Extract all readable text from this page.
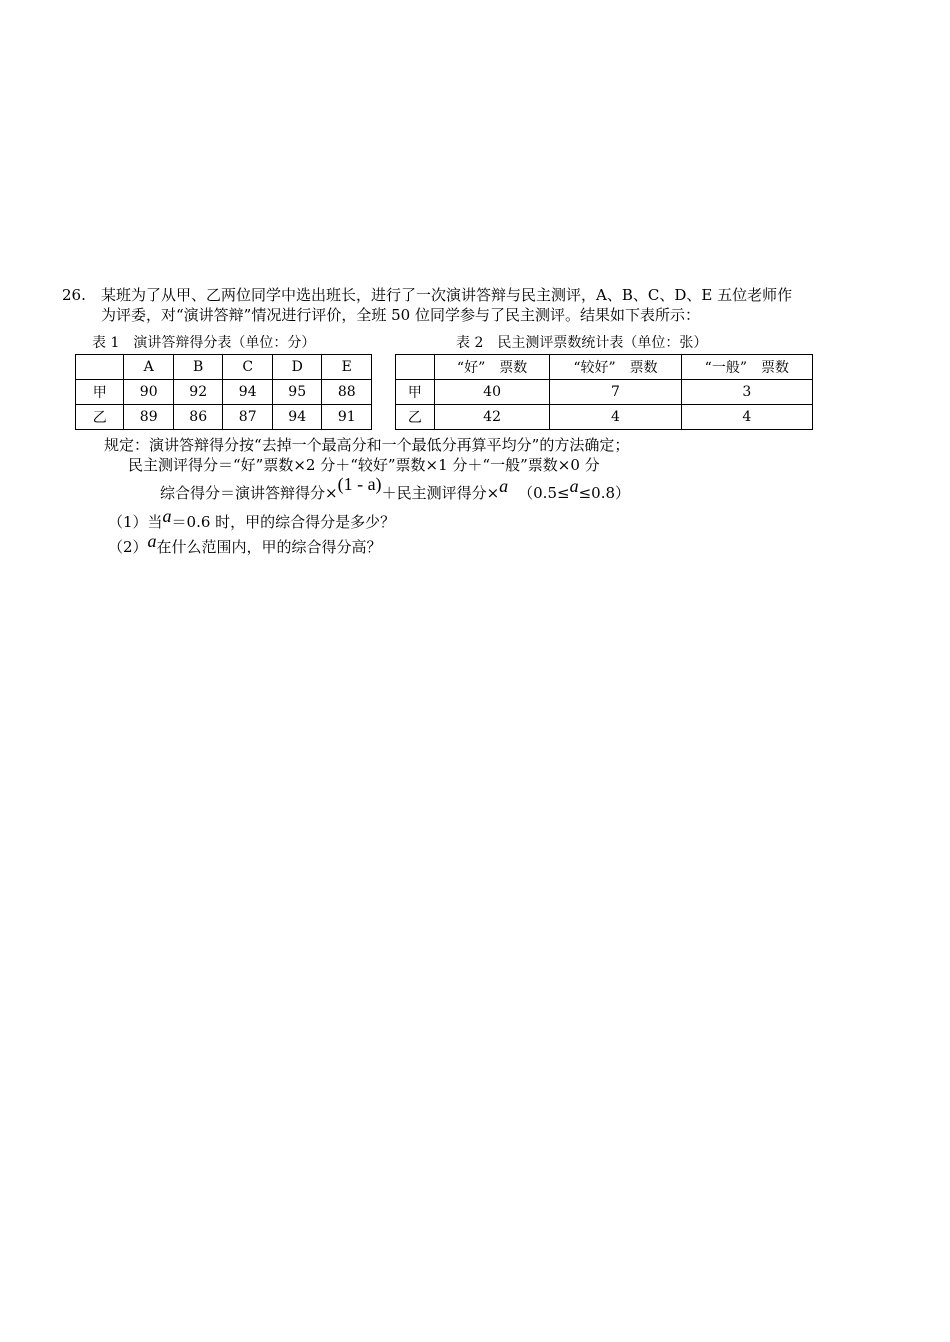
26. 某班为了从甲、乙两位同学中选出班长，进行了一次演讲答辩与民主测评，A、B、C、D、E 五位老师作
为评委，对“演讲答辩”情况进行评价，全班 50 位同学参与了民主测评。结果如下表所示：
表 1　演讲答辩得分表（单位：分）	表 2　民主测评票数统计表（单位：张）
	A	B	C	D	E
甲	90	92	94	95	88
乙	89	86	87	94	91
	“好”　票数	“较好”　票数	“一般”　票数
甲	40	7	3
乙	42	4	4
规定：演讲答辩得分按“去掉一个最高分和一个最低分再算平均分”的方法确定；
民主测评得分＝“好”票数×2 分＋“较好”票数×1 分＋“一般”票数×0 分
综合得分＝演讲答辩得分×(1 - a)＋民主测评得分×a （0.5≤a≤0.8）
（1）当a＝0.6 时，甲的综合得分是多少？
（2）a在什么范围内，甲的综合得分高？
